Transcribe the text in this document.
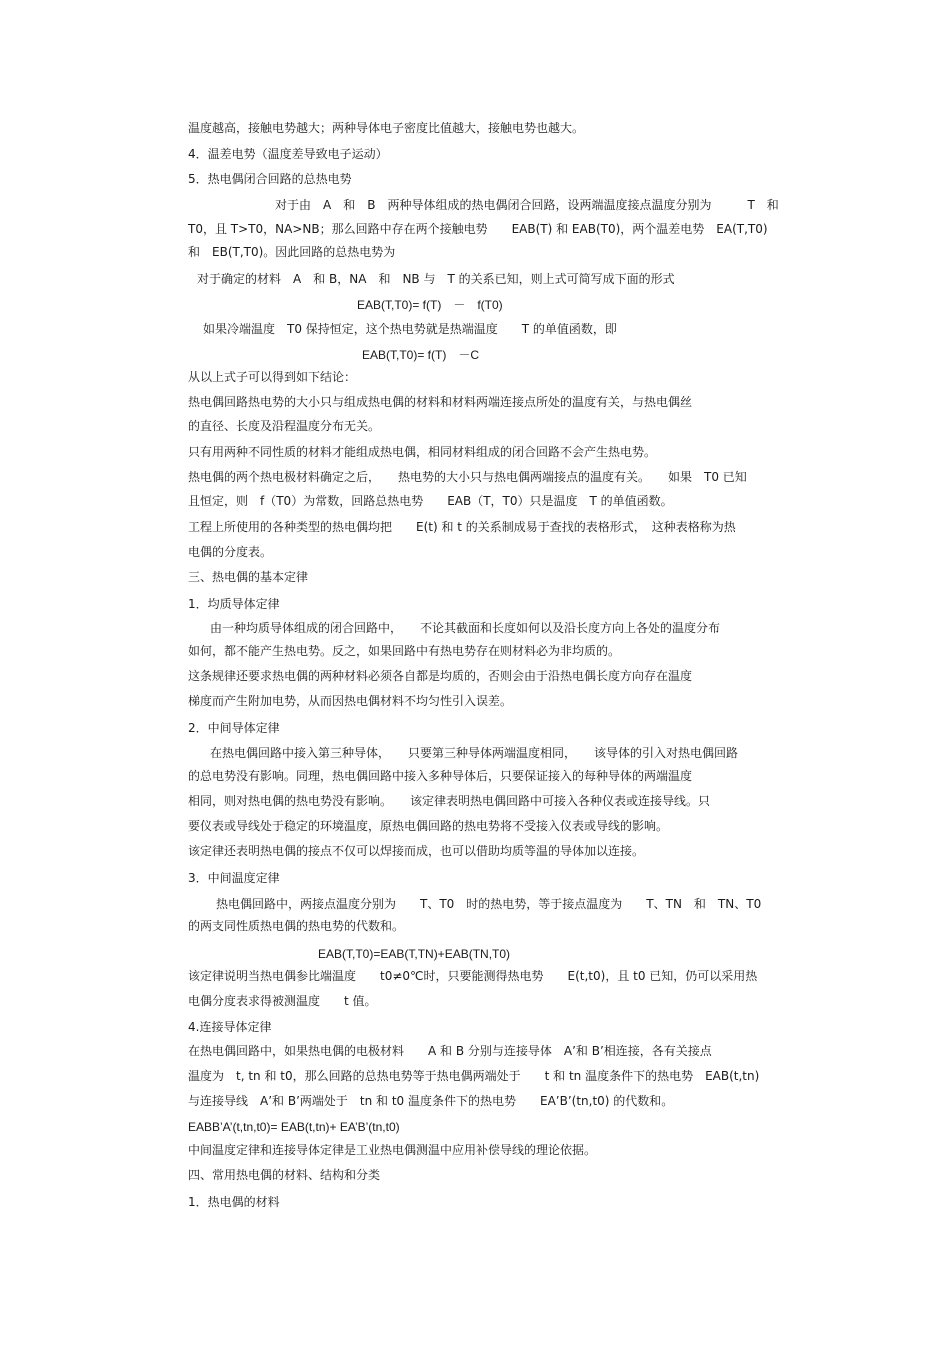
温度越高，接触电势越大；两种导体电子密度比值越大，接触电势也越大。
4．温差电势（温度差导致电子运动）
5．热电偶闭合回路的总热电势
对于由　A　和　B　两种导体组成的热电偶闭合回路，设两端温度接点温度分别为　　　T　和
T0，且 T>T0，NA>NB；那么回路中存在两个接触电势　　EAB(T) 和 EAB(T0)，两个温差电势　EA(T,T0)
和　EB(T,T0)。因此回路的总热电势为
对于确定的材料　A　和 B，NA　和　NB 与　T 的关系已知，则上式可简写成下面的形式
EAB(T,T0)= f(T)　－　f(T0)
如果冷端温度　T0 保持恒定，这个热电势就是热端温度　　T 的单值函数，即
EAB(T,T0)= f(T)　－C
从以上式子可以得到如下结论：
热电偶回路热电势的大小只与组成热电偶的材料和材料两端连接点所处的温度有关，与热电偶丝
的直径、长度及沿程温度分布无关。
只有用两种不同性质的材料才能组成热电偶，相同材料组成的闭合回路不会产生热电势。
热电偶的两个热电极材料确定之后，　　热电势的大小只与热电偶两端接点的温度有关。　　如果　T0 已知
且恒定，则　f（T0）为常数，回路总热电势　　EAB（T，T0）只是温度　T 的单值函数。
工程上所使用的各种类型的热电偶均把　　E(t) 和 t 的关系制成易于查找的表格形式，　这种表格称为热
电偶的分度表。
三、热电偶的基本定律
1．均质导体定律
由一种均质导体组成的闭合回路中，　　不论其截面和长度如何以及沿长度方向上各处的温度分布
如何，都不能产生热电势。反之，如果回路中有热电势存在则材料必为非均质的。
这条规律还要求热电偶的两种材料必须各自都是均质的，否则会由于沿热电偶长度方向存在温度
梯度而产生附加电势，从而因热电偶材料不均匀性引入误差。
2．中间导体定律
在热电偶回路中接入第三种导体，　　只要第三种导体两端温度相同，　　该导体的引入对热电偶回路
的总电势没有影响。同理，热电偶回路中接入多种导体后，只要保证接入的每种导体的两端温度
相同，则对热电偶的热电势没有影响。　　该定律表明热电偶回路中可接入各种仪表或连接导线。只
要仪表或导线处于稳定的环境温度，原热电偶回路的热电势将不受接入仪表或导线的影响。
该定律还表明热电偶的接点不仅可以焊接而成，也可以借助均质等温的导体加以连接。
3．中间温度定律
热电偶回路中，两接点温度分别为　　T、T0　时的热电势，等于接点温度为　　T、TN　和　TN、T0
的两支同性质热电偶的热电势的代数和。
EAB(T,T0)=EAB(T,TN)+EAB(TN,T0)
该定律说明当热电偶参比端温度　　t0≠0℃时，只要能测得热电势　　E(t,t0)，且 t0 已知，仍可以采用热
电偶分度表求得被测温度　　t 值。
4.连接导体定律
在热电偶回路中，如果热电偶的电极材料　　A 和 B 分别与连接导体　A’和 B’相连接，各有关接点
温度为　t, tn 和 t0，那么回路的总热电势等于热电偶两端处于　　t 和 tn 温度条件下的热电势　EAB(t,tn)
与连接导线　A’和 B’两端处于　tn 和 t0 温度条件下的热电势　　EA’B’(tn,t0) 的代数和。
EABB’A’(t,tn,t0)= EAB(t,tn)+ EA’B’(tn,t0)
中间温度定律和连接导体定律是工业热电偶测温中应用补偿导线的理论依据。
四、常用热电偶的材料、结构和分类
1．热电偶的材料
